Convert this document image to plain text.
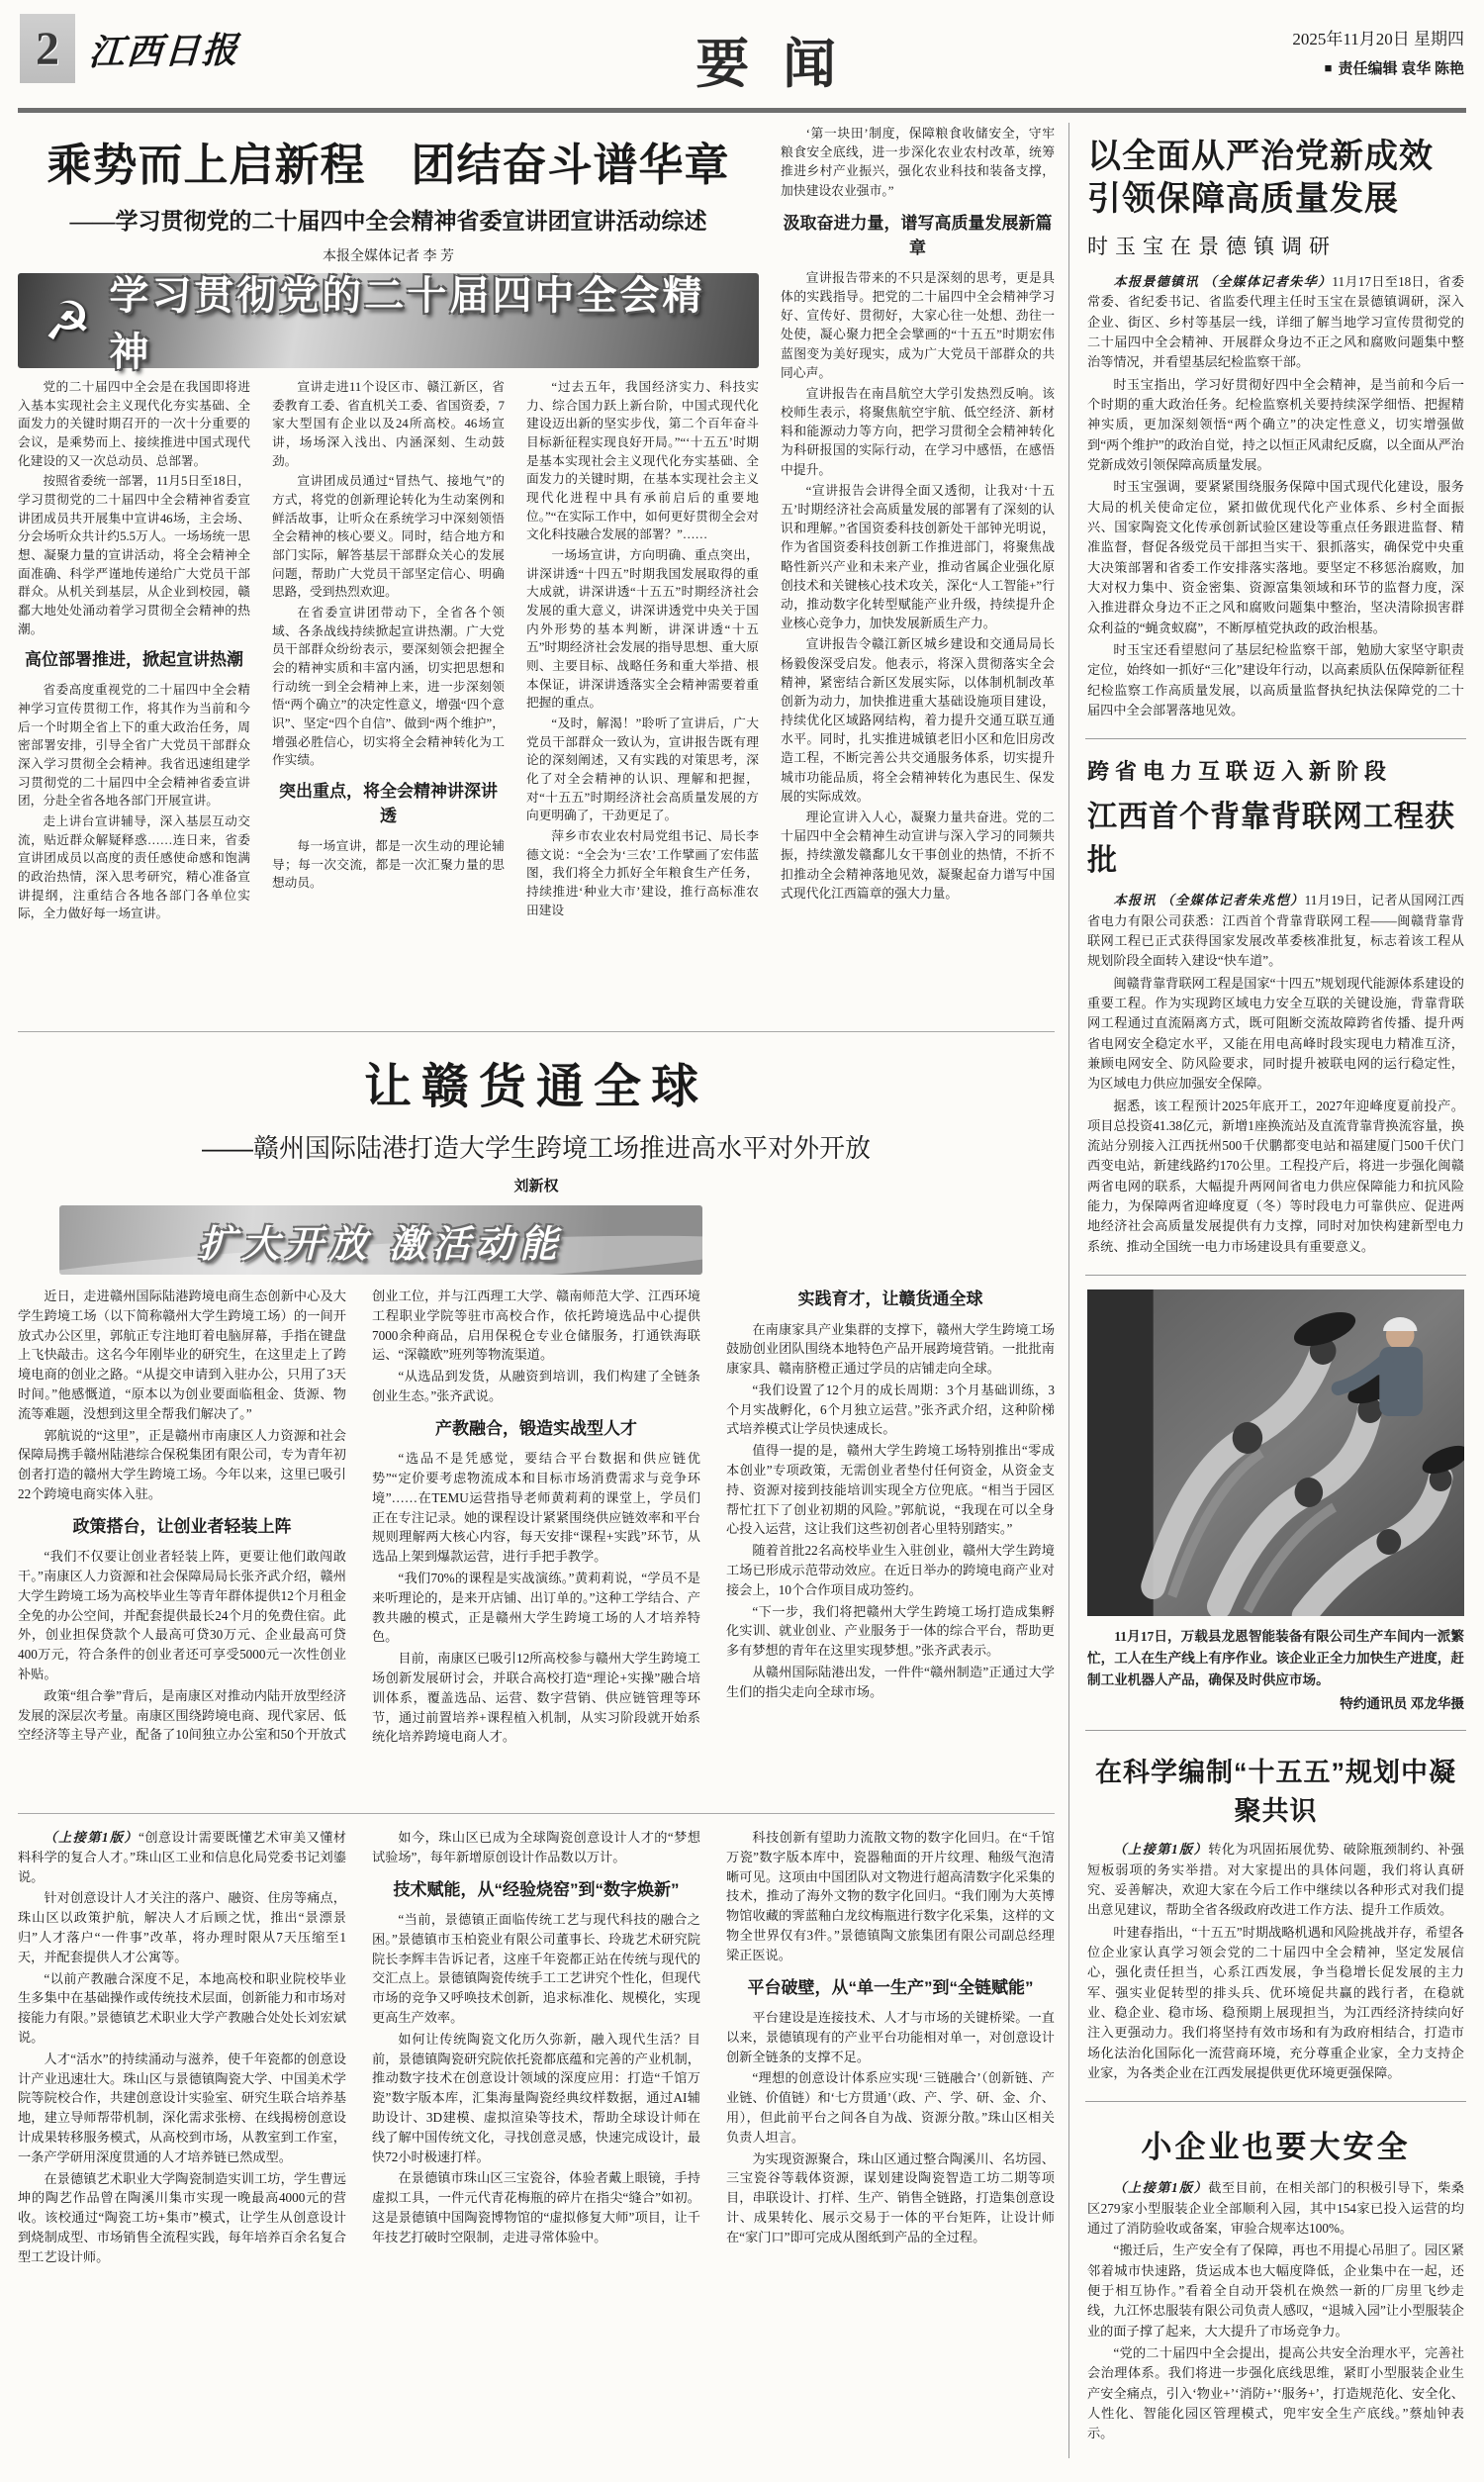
2 江西日报	要闻	2025年11月20日 星期四
■ 责任编辑 袁华 陈艳
乘势而上启新程　团结奋斗谱华章
——学习贯彻党的二十届四中全会精神省委宣讲团宣讲活动综述
本报全媒体记者 李 芳
☭ 学习贯彻党的二十届四中全会精神

党的二十届四中全会是在我国即将进入基本实现社会主义现代化夯实基础、全面发力的关键时期召开的一次十分重要的会议，是乘势而上、接续推进中国式现代化建设的又一次总动员、总部署。

按照省委统一部署，11月5日至18日，学习贯彻党的二十届四中全会精神省委宣讲团成员共开展集中宣讲46场，主会场、分会场听众共计约5.5万人。一场场统一思想、凝聚力量的宣讲活动，将全会精神全面准确、科学严谨地传递给广大党员干部群众。从机关到基层，从企业到校园，赣鄱大地处处涌动着学习贯彻全会精神的热潮。

高位部署推进，掀起宣讲热潮

省委高度重视党的二十届四中全会精神学习宣传贯彻工作，将其作为当前和今后一个时期全省上下的重大政治任务，周密部署安排，引导全省广大党员干部群众深入学习贯彻全会精神。我省迅速组建学习贯彻党的二十届四中全会精神省委宣讲团，分赴全省各地各部门开展宣讲。

走上讲台宣讲辅导，深入基层互动交流，贴近群众解疑释惑……连日来，省委宣讲团成员以高度的责任感使命感和饱满的政治热情，深入思考研究，精心准备宣讲提纲，注重结合各地各部门各单位实际，全力做好每一场宣讲。

宣讲走进11个设区市、赣江新区，省委教育工委、省直机关工委、省国资委，7家大型国有企业以及24所高校。46场宣讲，场场深入浅出、内涵深刻、生动鼓劲。

宣讲团成员通过“冒热气、接地气”的方式，将党的创新理论转化为生动案例和鲜活故事，让听众在系统学习中深刻领悟全会精神的核心要义。同时，结合地方和部门实际，解答基层干部群众关心的发展问题，帮助广大党员干部坚定信心、明确思路，受到热烈欢迎。

在省委宣讲团带动下，全省各个领域、各条战线持续掀起宣讲热潮。广大党员干部群众纷纷表示，要深刻领会把握全会的精神实质和丰富内涵，切实把思想和行动统一到全会精神上来，进一步深刻领悟“两个确立”的决定性意义，增强“四个意识”、坚定“四个自信”、做到“两个维护”，增强必胜信心，切实将全会精神转化为工作实绩。

突出重点，将全会精神讲深讲透

每一场宣讲，都是一次生动的理论辅导；每一次交流，都是一次汇聚力量的思想动员。

“过去五年，我国经济实力、科技实力、综合国力跃上新台阶，中国式现代化建设迈出新的坚实步伐，第二个百年奋斗目标新征程实现良好开局。”“‘十五五’时期是基本实现社会主义现代化夯实基础、全面发力的关键时期，在基本实现社会主义现代化进程中具有承前启后的重要地位。”“在实际工作中，如何更好贯彻全会对文化科技融合发展的部署？”……

一场场宣讲，方向明确、重点突出，讲深讲透“十四五”时期我国发展取得的重大成就，讲深讲透“十五五”时期经济社会发展的重大意义，讲深讲透党中央关于国内外形势的基本判断，讲深讲透“十五五”时期经济社会发展的指导思想、重大原则、主要目标、战略任务和重大举措、根本保证，讲深讲透落实全会精神需要着重把握的重点。

“及时，解渴！”聆听了宣讲后，广大党员干部群众一致认为，宣讲报告既有理论的深刻阐述，又有实践的对策思考，深化了对全会精神的认识、理解和把握，对“十五五”时期经济社会高质量发展的方向更明确了，干劲更足了。

萍乡市农业农村局党组书记、局长李德文说：“全会为‘三农’工作擘画了宏伟蓝图，我们将全力抓好全年粮食生产任务，持续推进‘种业大市’建设，推行高标准农田建设

‘第一块田’制度，保障粮食收储安全，守牢粮食安全底线，进一步深化农业农村改革，统筹推进乡村产业振兴，强化农业科技和装备支撑，加快建设农业强市。”

汲取奋进力量，谱写高质量发展新篇章

宣讲报告带来的不只是深刻的思考，更是具体的实践指导。把党的二十届四中全会精神学习好、宣传好、贯彻好，大家心往一处想、劲往一处使，凝心聚力把全会擘画的“十五五”时期宏伟蓝图变为美好现实，成为广大党员干部群众的共同心声。

宣讲报告在南昌航空大学引发热烈反响。该校师生表示，将聚焦航空宇航、低空经济、新材料和能源动力等方向，把学习贯彻全会精神转化为科研报国的实际行动，在学习中感悟，在感悟中提升。

“宣讲报告会讲得全面又透彻，让我对‘十五五’时期经济社会高质量发展的部署有了深刻的认识和理解。”省国资委科技创新处干部钟光明说，作为省国资委科技创新工作推进部门，将聚焦战略性新兴产业和未来产业，推动省属企业强化原创技术和关键核心技术攻关，深化“人工智能+”行动，推动数字化转型赋能产业升级，持续提升企业核心竞争力，加快发展新质生产力。

宣讲报告令赣江新区城乡建设和交通局局长杨毅俊深受启发。他表示，将深入贯彻落实全会精神，紧密结合新区发展实际，以体制机制改革创新为动力，加快推进重大基础设施项目建设，持续优化区域路网结构，着力提升交通互联互通水平。同时，扎实推进城镇老旧小区和危旧房改造工程，不断完善公共交通服务体系，切实提升城市功能品质，将全会精神转化为惠民生、保发展的实际成效。

理论宣讲入人心，凝聚力量共奋进。党的二十届四中全会精神生动宣讲与深入学习的同频共振，持续激发赣鄱儿女干事创业的热情，不折不扣推动全会精神落地见效，凝聚起奋力谱写中国式现代化江西篇章的强大力量。

让赣货通全球
——赣州国际陆港打造大学生跨境工场推进高水平对外开放
刘新权
扩大开放 激活动能

近日，走进赣州国际陆港跨境电商生态创新中心及大学生跨境工场（以下简称赣州大学生跨境工场）的一间开放式办公区里，郭航正专注地盯着电脑屏幕，手指在键盘上飞快敲击。这名今年刚毕业的研究生，在这里走上了跨境电商的创业之路。“从提交申请到入驻办公，只用了3天时间。”他感慨道，“原本以为创业要面临租金、货源、物流等难题，没想到这里全帮我们解决了。”

郭航说的“这里”，正是赣州市南康区人力资源和社会保障局携手赣州陆港综合保税集团有限公司，专为青年初创者打造的赣州大学生跨境工场。今年以来，这里已吸引22个跨境电商实体入驻。

政策搭台，让创业者轻装上阵

“我们不仅要让创业者轻装上阵，更要让他们敢闯敢干。”南康区人力资源和社会保障局局长张齐武介绍，赣州大学生跨境工场为高校毕业生等青年群体提供12个月租金全免的办公空间，并配套提供最长24个月的免费住宿。此外，创业担保贷款个人最高可贷30万元、企业最高可贷400万元，符合条件的创业者还可享受5000元一次性创业补贴。

政策“组合拳”背后，是南康区对推动内陆开放型经济发展的深层次考量。南康区围绕跨境电商、现代家居、低空经济等主导产业，配备了10间独立办公室和50个开放式创业工位，并与江西理工大学、赣南师范大学、江西环境工程职业学院等驻市高校合作，依托跨境选品中心提供7000余种商品，启用保税仓专业仓储服务，打通铁海联运、“深赣欧”班列等物流渠道。

“从选品到发货，从融资到培训，我们构建了全链条创业生态。”张齐武说。

产教融合，锻造实战型人才

“选品不是凭感觉，要结合平台数据和供应链优势”“定价要考虑物流成本和目标市场消费需求与竞争环境”……在TEMU运营指导老师黄莉莉的课堂上，学员们正在专注记录。她的课程设计紧紧围绕供应链效率和平台规则理解两大核心内容，每天安排“课程+实践”环节，从选品上架到爆款运营，进行手把手教学。

“我们70%的课程是实战演练。”黄莉莉说，“学员不是来听理论的，是来开店铺、出订单的。”这种工学结合、产教共融的模式，正是赣州大学生跨境工场的人才培养特色。

目前，南康区已吸引12所高校参与赣州大学生跨境工场创新发展研讨会，并联合高校打造“理论+实操”融合培训体系，覆盖选品、运营、数字营销、供应链管理等环节，通过前置培养+课程植入机制，从实习阶段就开始系统化培养跨境电商人才。

实践育才，让赣货通全球

在南康家具产业集群的支撑下，赣州大学生跨境工场鼓励创业团队围绕本地特色产品开展跨境营销。一批批南康家具、赣南脐橙正通过学员的店铺走向全球。

“我们设置了12个月的成长周期：3个月基础训练，3个月实战孵化，6个月独立运营。”张齐武介绍，这种阶梯式培养模式让学员快速成长。

值得一提的是，赣州大学生跨境工场特别推出“零成本创业”专项政策，无需创业者垫付任何资金，从资金支持、资源对接到技能培训实现全方位兜底。“相当于园区帮忙扛下了创业初期的风险。”郭航说，“我现在可以全身心投入运营，这让我们这些初创者心里特别踏实。”

随着首批22名高校毕业生入驻创业，赣州大学生跨境工场已形成示范带动效应。在近日举办的跨境电商产业对接会上，10个合作项目成功签约。

“下一步，我们将把赣州大学生跨境工场打造成集孵化实训、就业创业、产业服务于一体的综合平台，帮助更多有梦想的青年在这里实现梦想。”张齐武表示。

从赣州国际陆港出发，一件件“赣州制造”正通过大学生们的指尖走向全球市场。

（上接第1版）“创意设计需要既懂艺术审美又懂材料科学的复合人才。”珠山区工业和信息化局党委书记刘鎏说。

针对创意设计人才关注的落户、融资、住房等痛点，珠山区以政策护航，解决人才后顾之忧，推出“景漂景归”人才落户“一件事”改革，将办理时限从7天压缩至1天，并配套提供人才公寓等。

“以前产教融合深度不足，本地高校和职业院校毕业生多集中在基础操作或传统技术层面，创新能力和市场对接能力有限。”景德镇艺术职业大学产教融合处处长刘宏斌说。

人才“活水”的持续涌动与滋养，使千年瓷都的创意设计产业迅速壮大。珠山区与景德镇陶瓷大学、中国美术学院等院校合作，共建创意设计实验室、研究生联合培养基地，建立导师帮带机制，深化需求张榜、在线揭榜创意设计成果转移服务模式，从高校到市场，从教室到工作室，一条产学研用深度贯通的人才培养链已然成型。

在景德镇艺术职业大学陶瓷制造实训工坊，学生曹远坤的陶艺作品曾在陶溪川集市实现一晚最高4000元的营收。该校通过“陶瓷工坊+集市”模式，让学生从创意设计到烧制成型、市场销售全流程实践，每年培养百余名复合型工艺设计师。

如今，珠山区已成为全球陶瓷创意设计人才的“梦想试验场”，每年新增原创设计作品数以万计。

技术赋能，从“经验烧窑”到“数字焕新”

“当前，景德镇正面临传统工艺与现代科技的融合之困。”景德镇市玉柏瓷业有限公司董事长、玲珑艺术研究院院长李辉丰告诉记者，这座千年瓷都正站在传统与现代的交汇点上。景德镇陶瓷传统手工工艺讲究个性化，但现代市场的竞争又呼唤技术创新，追求标准化、规模化，实现更高生产效率。

如何让传统陶瓷文化历久弥新，融入现代生活？目前，景德镇陶瓷研究院依托瓷都底蕴和完善的产业机制，推动数字技术在创意设计领域的深度应用：打造“千馆万瓷”数字版本库，汇集海量陶瓷经典纹样数据，通过AI辅助设计、3D建模、虚拟渲染等技术，帮助全球设计师在线了解中国传统文化，寻找创意灵感，快速完成设计，最快72小时极速打样。

在景德镇市珠山区三宝瓷谷，体验者戴上眼镜，手持虚拟工具，一件元代青花梅瓶的碎片在指尖“缝合”如初。这是景德镇中国陶瓷博物馆的“虚拟修复大师”项目，让千年技艺打破时空限制，走进寻常体验中。

科技创新有望助力流散文物的数字化回归。在“千馆万瓷”数字版本库中，瓷器釉面的开片纹理、釉级气泡清晰可见。这项由中国团队对文物进行超高清数字化采集的技术，推动了海外文物的数字化回归。“我们刚为大英博物馆收藏的霁蓝釉白龙纹梅瓶进行数字化采集，这样的文物全世界仅有3件。”景德镇陶文旅集团有限公司副总经理梁正医说。

平台破壁，从“单一生产”到“全链赋能”

平台建设是连接技术、人才与市场的关键桥梁。一直以来，景德镇现有的产业平台功能相对单一，对创意设计创新全链条的支撑不足。

“理想的创意设计体系应实现‘三链融合’（创新链、产业链、价值链）和‘七方贯通’（政、产、学、研、金、介、用），但此前平台之间各自为战、资源分散。”珠山区相关负责人坦言。

为实现资源聚合，珠山区通过整合陶溪川、名坊园、三宝瓷谷等载体资源，谋划建设陶瓷智造工坊二期等项目，串联设计、打样、生产、销售全链路，打造集创意设计、成果转化、展示交易于一体的平台矩阵，让设计师在“家门口”即可完成从图纸到产品的全过程。

以全面从严治党新成效引领保障高质量发展
时玉宝在景德镇调研

本报景德镇讯 （全媒体记者朱华）11月17日至18日，省委常委、省纪委书记、省监委代理主任时玉宝在景德镇调研，深入企业、街区、乡村等基层一线，详细了解当地学习宣传贯彻党的二十届四中全会精神、开展群众身边不正之风和腐败问题集中整治等情况，并看望基层纪检监察干部。

时玉宝指出，学习好贯彻好四中全会精神，是当前和今后一个时期的重大政治任务。纪检监察机关要持续深学细悟、把握精神实质，更加深刻领悟“两个确立”的决定性意义，切实增强做到“两个维护”的政治自觉，持之以恒正风肃纪反腐，以全面从严治党新成效引领保障高质量发展。

时玉宝强调，要紧紧围绕服务保障中国式现代化建设，服务大局的机关使命定位，紧扣做优现代化产业体系、乡村全面振兴、国家陶瓷文化传承创新试验区建设等重点任务跟进监督、精准监督，督促各级党员干部担当实干、狠抓落实，确保党中央重大决策部署和省委工作安排落实落地。要坚定不移惩治腐败，加大对权力集中、资金密集、资源富集领域和环节的监督力度，深入推进群众身边不正之风和腐败问题集中整治，坚决清除损害群众利益的“蝇贪蚁腐”，不断厚植党执政的政治根基。

时玉宝还看望慰问了基层纪检监察干部，勉励大家坚守职责定位，始终如一抓好“三化”建设年行动，以高素质队伍保障新征程纪检监察工作高质量发展，以高质量监督执纪执法保障党的二十届四中全会部署落地见效。

跨省电力互联迈入新阶段
江西首个背靠背联网工程获批

本报讯 （全媒体记者朱兆恺）11月19日，记者从国网江西省电力有限公司获悉：江西首个背靠背联网工程——闽赣背靠背联网工程已正式获得国家发展改革委核准批复，标志着该工程从规划阶段全面转入建设“快车道”。

闽赣背靠背联网工程是国家“十四五”规划现代能源体系建设的重要工程。作为实现跨区域电力安全互联的关键设施，背靠背联网工程通过直流隔离方式，既可阻断交流故障跨省传播、提升两省电网安全稳定水平，又能在用电高峰时段实现电力精准互济，兼顾电网安全、防风险要求，同时提升被联电网的运行稳定性，为区域电力供应加强安全保障。

据悉，该工程预计2025年底开工，2027年迎峰度夏前投产。项目总投资41.38亿元，新增1座换流站及直流背靠背换流容量，换流站分别接入江西抚州500千伏鹏都变电站和福建厦门500千伏门西变电站，新建线路约170公里。工程投产后，将进一步强化闽赣两省电网的联系，大幅提升两网间省电力供应保障能力和抗风险能力，为保障两省迎峰度夏（冬）等时段电力可靠供应、促进两地经济社会高质量发展提供有力支撑，同时对加快构建新型电力系统、推动全国统一电力市场建设具有重要意义。

11月17日，万载县龙恩智能装备有限公司生产车间内一派繁忙，工人在生产线上有序作业。该企业正全力加快生产进度，赶制工业机器人产品，确保及时供应市场。

特约通讯员 邓龙华摄

在科学编制“十五五”规划中凝聚共识

（上接第1版）转化为巩固拓展优势、破除瓶颈制约、补强短板弱项的务实举措。对大家提出的具体问题，我们将认真研究、妥善解决，欢迎大家在今后工作中继续以各种形式对我们提出意见建议，帮助全省各级政府改进工作方法、提升工作质效。

叶建春指出，“十五五”时期战略机遇和风险挑战并存，希望各位企业家认真学习领会党的二十届四中全会精神，坚定发展信心，强化责任担当，心系江西发展，争当稳增长促发展的主力军、强实业促转型的排头兵、优环境促共赢的践行者，在稳就业、稳企业、稳市场、稳预期上展现担当，为江西经济持续向好注入更强动力。我们将坚持有效市场和有为政府相结合，打造市场化法治化国际化一流营商环境，充分尊重企业家，全力支持企业家，为各类企业在江西发展提供更优环境更强保障。

小企业也要大安全

（上接第1版）截至目前，在相关部门的积极引导下，柴桑区279家小型服装企业全部顺利入园，其中154家已投入运营的均通过了消防验收或备案，审验合规率达100%。

“搬迁后，生产安全有了保障，再也不用提心吊胆了。园区紧邻着城市快速路，货运成本也大幅度降低，企业集中在一起，还便于相互协作。”看着全自动开袋机在焕然一新的厂房里飞纱走线，九江怀忠服装有限公司负责人感叹，“退城入园”让小型服装企业的面子撑了起来，大大提升了市场竞争力。

“党的二十届四中全会提出，提高公共安全治理水平，完善社会治理体系。我们将进一步强化底线思维，紧盯小型服装企业生产安全痛点，引入‘物业+’‘消防+’‘服务+’，打造规范化、安全化、人性化、智能化园区管理模式，兜牢安全生产底线。”蔡灿钟表示。
